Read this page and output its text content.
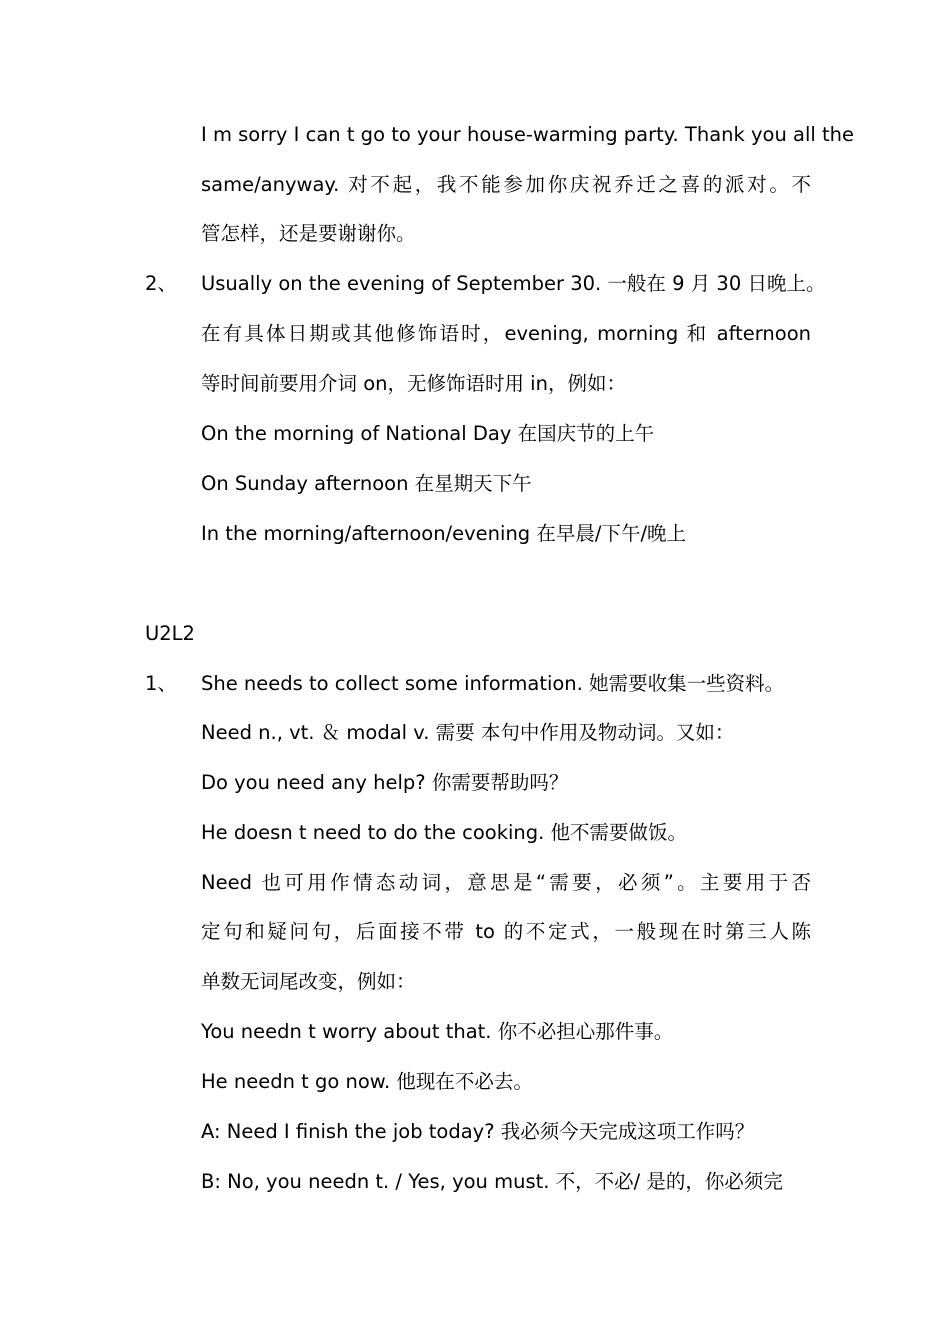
I m sorry I can t go to your house-warming party. Thank you all the
same/anyway. 对不起，我不能参加你庆祝乔迁之喜的派对。不
管怎样，还是要谢谢你。
2、 Usually on the evening of September 30. 一般在 9 月 30 日晚上。
在有具体日期或其他修饰语时，evening, morning 和 afternoon
等时间前要用介词 on，无修饰语时用 in，例如：
On the morning of National Day 在国庆节的上午
On Sunday afternoon 在星期天下午
In the morning/afternoon/evening 在早晨/下午/晚上
U2L2
1、 She needs to collect some information. 她需要收集一些资料。
Need n., vt. ＆ modal v. 需要 本句中作用及物动词。又如：
Do you need any help? 你需要帮助吗？
He doesn t need to do the cooking. 他不需要做饭。
Need 也可用作情态动词，意思是“需要，必须”。主要用于否
定句和疑问句，后面接不带 to 的不定式，一般现在时第三人陈
单数无词尾改变，例如：
You needn t worry about that. 你不必担心那件事。
He needn t go now. 他现在不必去。
A: Need I finish the job today? 我必须今天完成这项工作吗？
B: No, you needn t. / Yes, you must. 不，不必/ 是的，你必须完
